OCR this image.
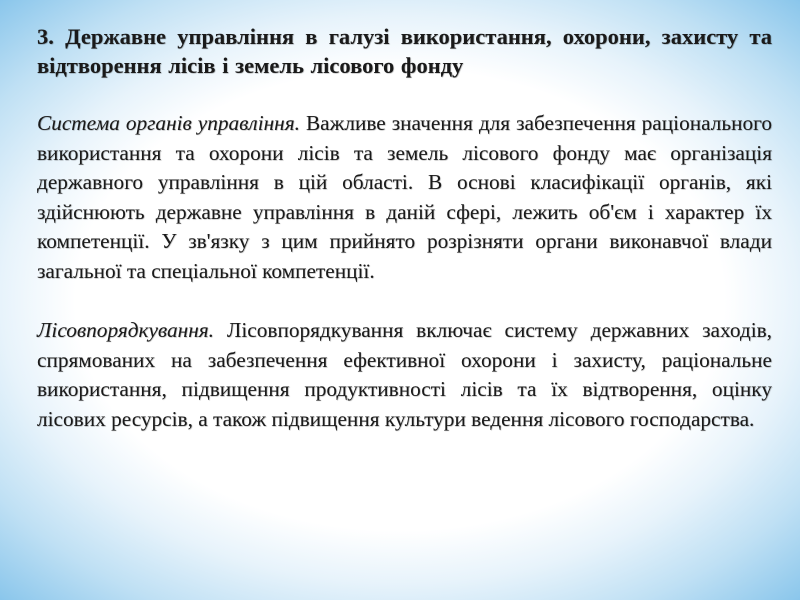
3. Державне управління в галузі використання, охорони, захисту та відтворення лісів і земель лісового фонду

Система органів управління. Важливе значення для забезпечення раціонального використання та охорони лісів та земель лісового фонду має організація державного управління в цій області. В основі класифікації органів, які здійснюють державне управління в даній сфері, лежить об'єм і характер їх компетенції. У зв'язку з цим прийнято розрізняти органи виконавчої влади загальної та спеціальної компетенції.

Лісовпорядкування. Лісовпорядкування включає систему державних заходів, спрямованих на забезпечення ефективної охорони і захисту, раціональне використання, підвищення продуктивності лісів та їх відтворення, оцінку лісових ресурсів, а також підвищення культури ведення лісового господарства.
